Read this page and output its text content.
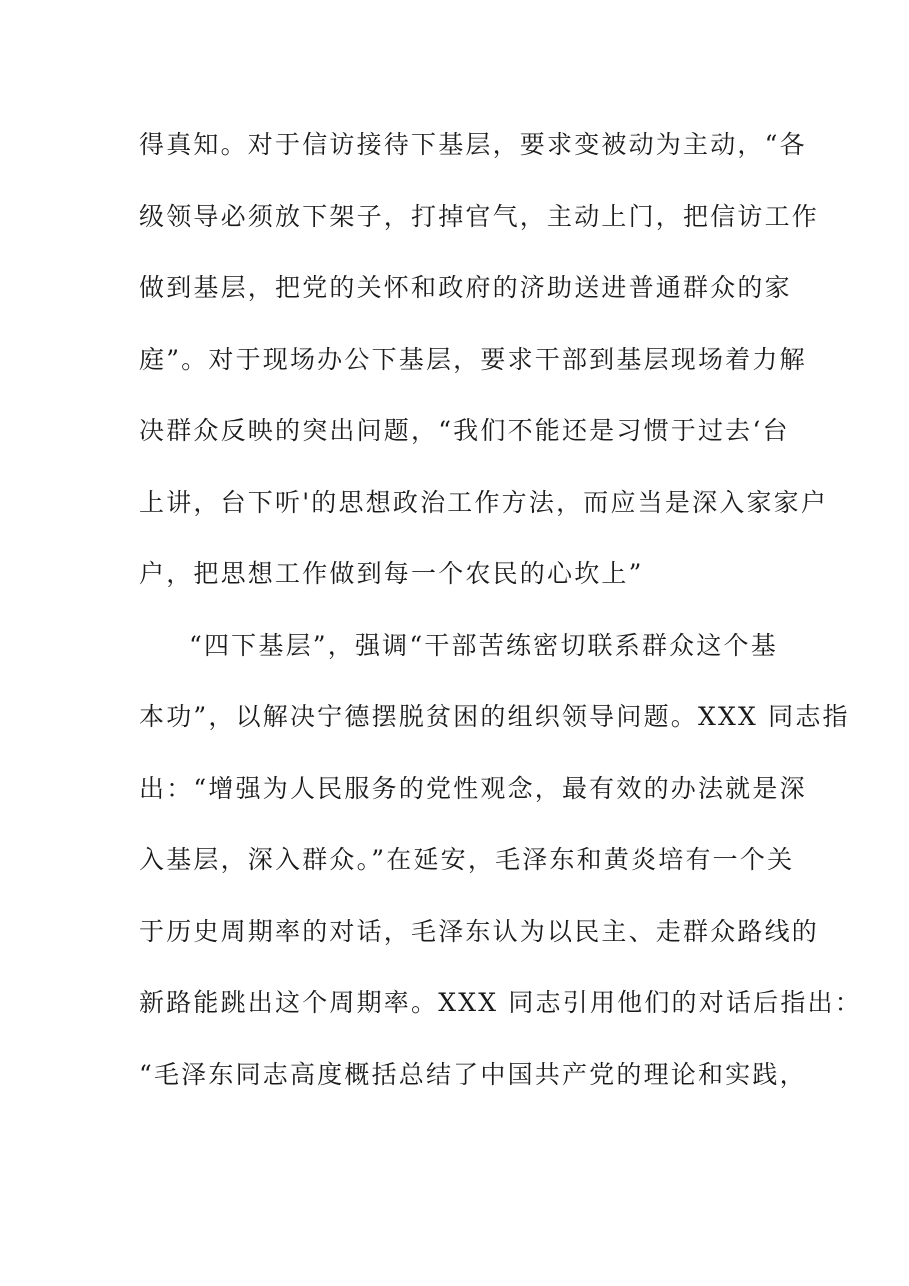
得真知。对于信访接待下基层，要求变被动为主动，“各
级领导必须放下架子，打掉官气，主动上门，把信访工作
做到基层，把党的关怀和政府的济助送进普通群众的家
庭”。对于现场办公下基层，要求干部到基层现场着力解
决群众反映的突出问题，“我们不能还是习惯于过去‘台
上讲，台下听'的思想政治工作方法，而应当是深入家家户
户，把思想工作做到每一个农民的心坎上”
“四下基层”，强调“干部苦练密切联系群众这个基
本功”，以解决宁德摆脱贫困的组织领导问题。XXX 同志指
出：“增强为人民服务的党性观念，最有效的办法就是深
入基层，深入群众。”在延安，毛泽东和黄炎培有一个关
于历史周期率的对话，毛泽东认为以民主、走群众路线的
新路能跳出这个周期率。XXX 同志引用他们的对话后指出：
“毛泽东同志高度概括总结了中国共产党的理论和实践，
